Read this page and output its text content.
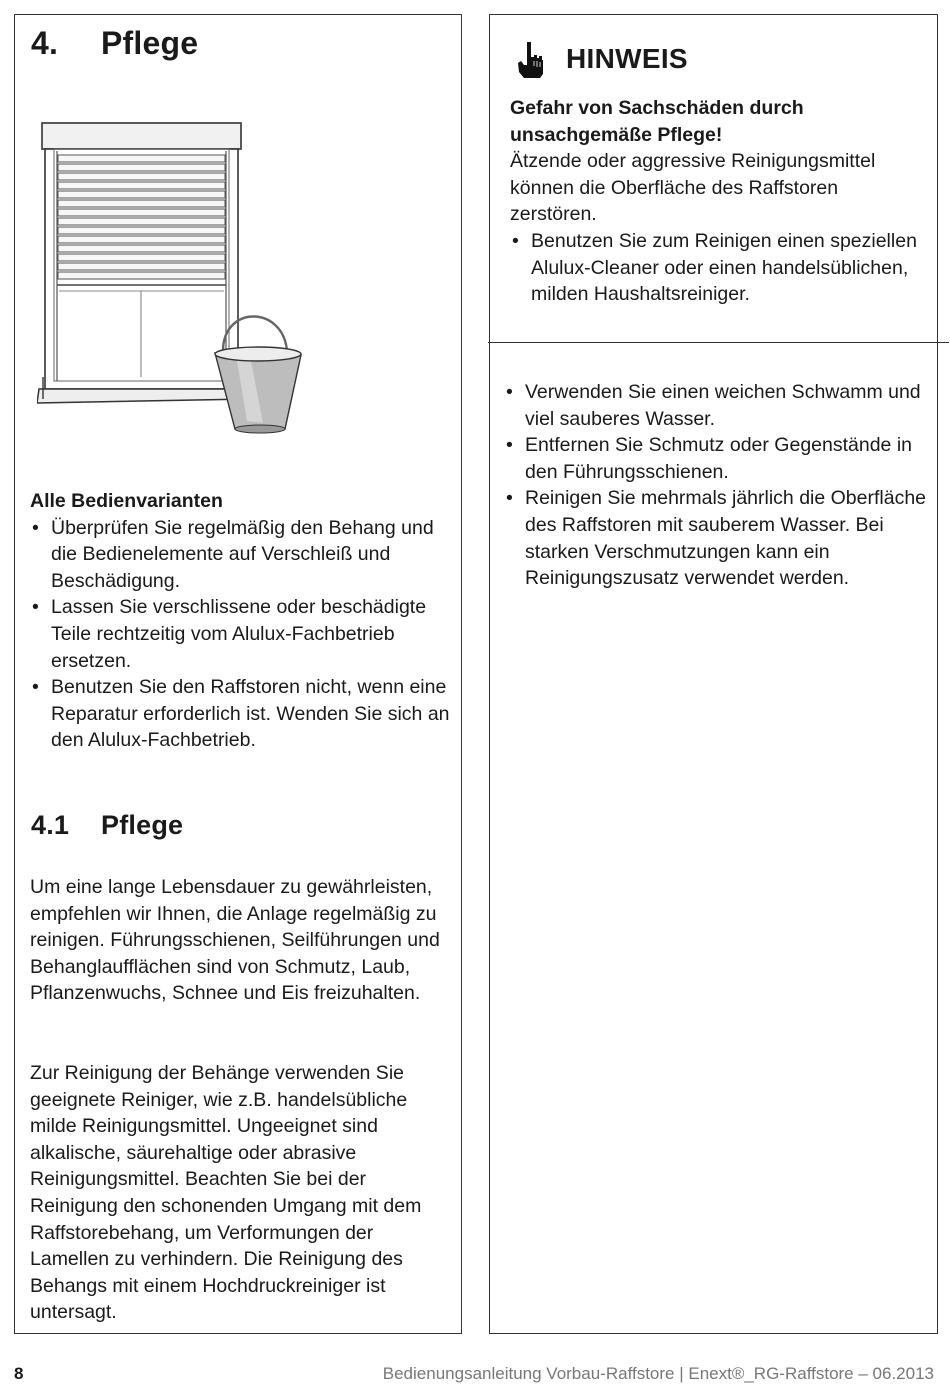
4. Pflege

Alle Bedienvarianten

• Überprüfen Sie regelmäßig den Behang und die Bedienelemente auf Verschleiß und Beschädigung.
• Lassen Sie verschlissene oder beschädigte Teile rechtzeitig vom Alulux-Fachbetrieb ersetzen.
• Benutzen Sie den Raffstoren nicht, wenn eine Reparatur erforderlich ist. Wenden Sie sich an den Alulux-Fachbetrieb.
4.1 Pflege

Um eine lange Lebensdauer zu gewährleisten, empfehlen wir Ihnen, die Anlage regelmäßig zu reinigen. Führungsschienen, Seilführungen und Behanglaufflächen sind von Schmutz, Laub, Pflanzenwuchs, Schnee und Eis freizuhalten.

Zur Reinigung der Behänge verwenden Sie geeignete Reiniger, wie z.B. handelsübliche milde Reinigungsmittel. Ungeeignet sind alkalische, säurehaltige oder abrasive Reinigungsmittel. Beachten Sie bei der Reinigung den schonenden Umgang mit dem Raffstorebehang, um Verformungen der Lamellen zu verhindern. Die Reinigung des Behangs mit einem Hochdruckreiniger ist untersagt.

HINWEIS

Gefahr von Sachschäden durch unsachgemäße Pflege!

Ätzende oder aggressive Reinigungsmittel können die Oberfläche des Raffstoren zerstören.

• Benutzen Sie zum Reinigen einen speziellen Alulux-Cleaner oder einen handelsüblichen, milden Haushaltsreiniger.
• Verwenden Sie einen weichen Schwamm und viel sauberes Wasser.
• Entfernen Sie Schmutz oder Gegenstände in den Führungsschienen.
• Reinigen Sie mehrmals jährlich die Oberfläche des Raffstoren mit sauberem Wasser. Bei starken Verschmutzungen kann ein Reinigungszusatz verwendet werden.
8	Bedienungsanleitung Vorbau-Raffstore | Enext®_RG-Raffstore – 06.2013
